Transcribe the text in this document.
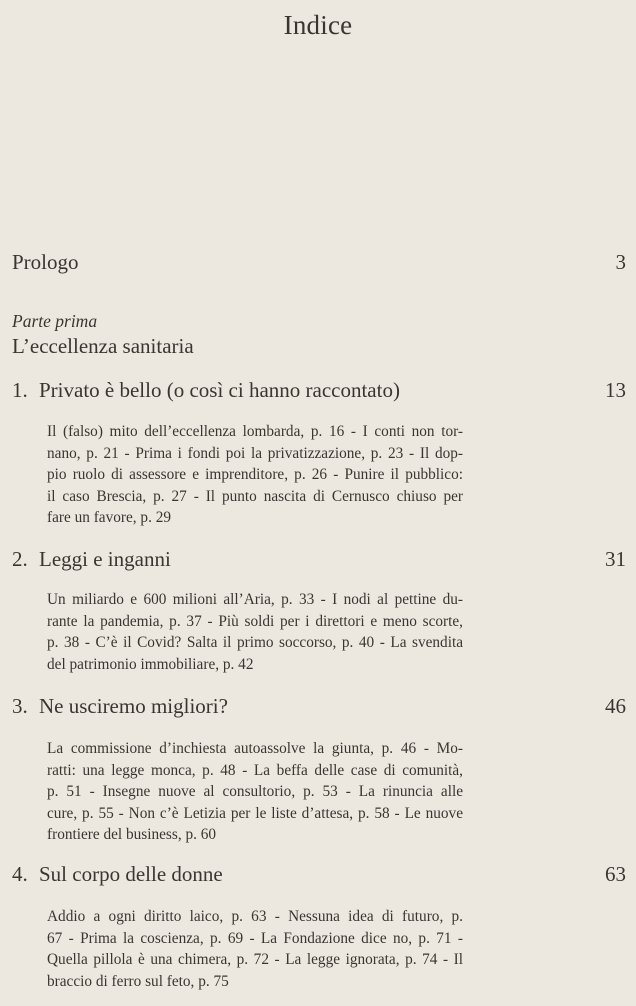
Indice
Prologo	3
Parte prima
L’eccellenza sanitaria
1. Privato è bello (o così ci hanno raccontato)	13
Il (falso) mito dell’eccellenza lombarda, p. 16 - I conti non tor-
nano, p. 21 - Prima i fondi poi la privatizzazione, p. 23 - Il dop-
pio ruolo di assessore e imprenditore, p. 26 - Punire il pubblico:
il caso Brescia, p. 27 - Il punto nascita di Cernusco chiuso per
fare un favore, p. 29
2. Leggi e inganni	31
Un miliardo e 600 milioni all’Aria, p. 33 - I nodi al pettine du-
rante la pandemia, p. 37 - Più soldi per i direttori e meno scorte,
p. 38 - C’è il Covid? Salta il primo soccorso, p. 40 - La svendita
del patrimonio immobiliare, p. 42
3. Ne usciremo migliori?	46
La commissione d’inchiesta autoassolve la giunta, p. 46 - Mo-
ratti: una legge monca, p. 48 - La beffa delle case di comunità,
p. 51 - Insegne nuove al consultorio, p. 53 - La rinuncia alle
cure, p. 55 - Non c’è Letizia per le liste d’attesa, p. 58 - Le nuove
frontiere del business, p. 60
4. Sul corpo delle donne	63
Addio a ogni diritto laico, p. 63 - Nessuna idea di futuro, p.
67 - Prima la coscienza, p. 69 - La Fondazione dice no, p. 71 -
Quella pillola è una chimera, p. 72 - La legge ignorata, p. 74 - Il
braccio di ferro sul feto, p. 75
